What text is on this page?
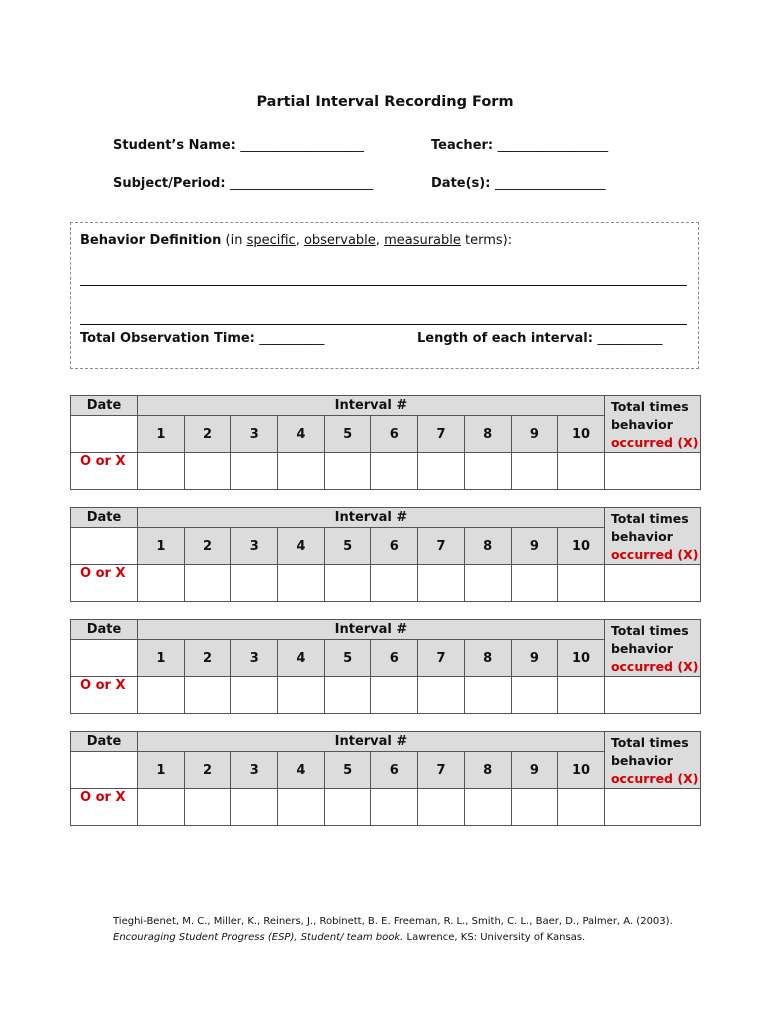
Partial Interval Recording Form
Student’s Name: ___________________	Teacher: _________________
Subject/Period: ______________________	Date(s): _________________
Behavior Definition (in specific, observable, measurable terms):
Total Observation Time: __________	Length of each interval: __________
Date	Interval #										Total times
behavior
occurred (X)

	1	2	3	4	5	6	7	8	9	10	
O or X											
Date	Interval #										Total times
behavior
occurred (X)

	1	2	3	4	5	6	7	8	9	10	
O or X											
Date	Interval #										Total times
behavior
occurred (X)

	1	2	3	4	5	6	7	8	9	10	
O or X											
Date	Interval #										Total times
behavior
occurred (X)

	1	2	3	4	5	6	7	8	9	10	
O or X											
Tieghi-Benet, M. C., Miller, K., Reiners, J., Robinett, B. E. Freeman, R. L., Smith, C. L., Baer, D., Palmer, A. (2003).
Encouraging Student Progress (ESP), Student/ team book. Lawrence, KS: University of Kansas.
